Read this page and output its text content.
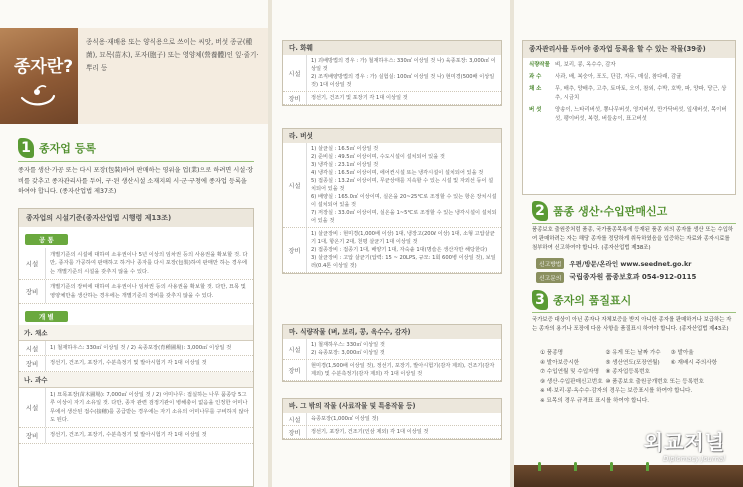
종자란?
종식용·재배용 또는 양식용으로 쓰이는 씨앗, 버섯 종균(種菌), 묘목(苗木), 포자(胞子) 또는 영양체(營養體)인 잎·줄기·뿌리 등
1 종자업 등록
종자를 생산·가공 또는 다시 포장(包裝)하여 판매하는 영위을 업(業)으로 하려면 시설·장비를 갖추고 종자관리사를 두어, 구·된 생산시설 소재지의 시·군·구청에 종자업 등록을 하여야 합니다. (종자산업법 제37조)
종자업의 시설기준(종자산업법 시행령 제13조)
공 통
시설
개별기준의 시설에 대하여 소유권이나 5년 이상의 임차권 등의 사용권을 확보할 것. 다만, 종자를 가공하여 판매하고 하거나 종자를 다시 포장(包裝)하여 판매만 하는 경우에는 개별기준의 시설을 갖추지 않을 수 있다.
장비
개별기준의 장비에 대하여 소유권이나 임차권 등의 사용권을 확보할 것. 다만, 묘목 및 영양체만을 생산하는 경우에는 개별기준의 장비를 갖추지 않을 수 있다.
개 별
가. 채소
시설	1) 철재하우스: 330㎡ 이상일 것 / 2) 육종포장(育種圃場): 3,000㎡ 이상일 것
장비	정선기, 건조기, 포장기, 수분측정기 및 발아시험기 각 1대 이상일 것
나. 과수
시설
1) 묘목포장(苗木圃場): 7,000㎡ 이상일 것 / 2) 어미나무: 접실하는 나무 품종당 5그루 이상이 자기 소유일 것. 다만, 종자 관련 검정기관이 병해충이 없음을 인정한 어미나무에서 생산된 접수(接穗)를 공급받는 경우에는 자기 소유의 어미나무를 구비하지 않아도 된다.
장비	정선기, 건조기, 포장기, 수분측정기 및 발아시험기 각 1대 이상일 것
다. 화훼
시설
1) 괴배방법의 경우 : 가) 철재하우스: 330㎡ 이상일 것 나) 육종포장: 3,000㎡ 이상일 것
2) 조직배양방법의 경우 : 가) 실험실: 100㎡ 이상일 것 나) 현미경(500배 이상일 것) 1대 이상일 것
장비	정선기, 건조기 및 포장기 각 1대 이상일 것
라. 버섯
시설
1) 살균실 : 16.5㎡ 이상일 것
2) 준비실 : 49.5㎡ 이상이며, 수도시설이 설치되어 있을 것
3) 냉각실 : 23.1㎡ 이상일 것
4) 냉각실 : 16.5㎡ 이상이며, 에어컨시설 또는 냉각시설이 설치되어 있을 것
5) 접종실 : 13.2㎡ 이상이며, 무균상태를 지속할 수 있는 시설 및 자외선 등이 설치되어 있을 것
6) 배양실 : 165.0㎡ 이상이며, 실온을 20~25℃로 조정할 수 있는 항온 장치시설이 설치되어 있을 것
7) 저장실 : 33.0㎡ 이상이며, 실온을 1~5℃로 조정할 수 있는 냉각시설이 설치되어 있을 것
장비
1) 살균장비 : 현미경(1,000배 이상) 1대, 냉장고(200ℓ 이상) 1대, 소형 고압살균기 1대, 항온기 2대, 천평 살균기 1대 이상일 것
2) 접종장비 : 접종기 1대, 배양기 1대, 자숙솥 1대(명슬은 생산자만 해당한다)
3) 살균장비 : 고압 살균기(압력: 15 ~ 20LPS, 규모: 1회 600병 이상일 것), 보일러(0.4톤 이상일 것)
마. 식량작물 (벼, 보리, 콩, 옥수수, 감자)
시설
1) 철재하우스: 330㎡ 이상일 것
2) 육종포장: 3,000㎡ 이상일 것
장비
현미경(1,500배 이상일 것), 정선기, 포장기, 발아시험기(감자 제외), 건조기(감자 제외) 및 수분측정기(감자 제외) 각 1대 이상일 것
바. 그 밖의 작물 (사료작물 및 특용작물 등)
시설	육종포장(1,000㎡ 이상일 것)
장비	정선기, 포장기, 건조기(인삼 제외) 각 1대 이상일 것
종자관리사를 두어야 종자업 등록을 할 수 있는 작물(39종)
식량작물 벼, 보리, 콩, 옥수수, 감자
과 수	사과, 배, 복숭아, 포도, 단감, 자두, 매실, 참다래, 감귤
채 소	무, 배추, 양배추, 고추, 토마토, 오이, 참외, 수박, 호박, 파, 양파, 당근, 상추, 시금치
버 섯	양송이, 느타리버섯, 뽕나무버섯, 영지버섯, 만가닥버섯, 잎새버섯, 목이버섯, 팽이버섯, 복령, 버들송이, 표고버섯
2 품종 생산·수입판매신고
품종보호 출원중처럼 품종, 국가품종목록에 등재된 품종 외의 종자를 생산 또는 수입하여 판매하려는 자는 해당 종자를 정당하게 취득하였음을 입증하는 자료와 종자시료를 첨부하여 신고하여야 합니다. (종자산업법 제38조)
신고방법	우편/방문/온라인 www.seednet.go.kr
신고문의	국립종자원 품종보호과 054-912-0115
3 종자의 품질표시
국가보증 대상이 아닌 종자나 자체보증을 받지 아니한 종자를 판매하거나 보급하는 자는 종자의 용기나 포장에 다음 사항을 품질표시 하여야 합니다. (종자산업법 제43조)
① 품종명	② 유게 또는 날짜 가수	③ 발아율
④ 발아보증시한	⑤ 생산연도(포장연월)	⑥ 재배시 주의사항
⑦ 수입연월 및 수입자명	⑧ 종자업등록번호
⑨ 생산·수입판매신고번호 ⑩ 품종보호 출원공개번호 또는 등록번호
※ 벼·보리·콩·옥수수·감자의 경우는 보증표시를 하여야 합니다.
※ 묘목의 경우 규격표 표시를 하여야 합니다.
외교저널
Diplomacy Journal
